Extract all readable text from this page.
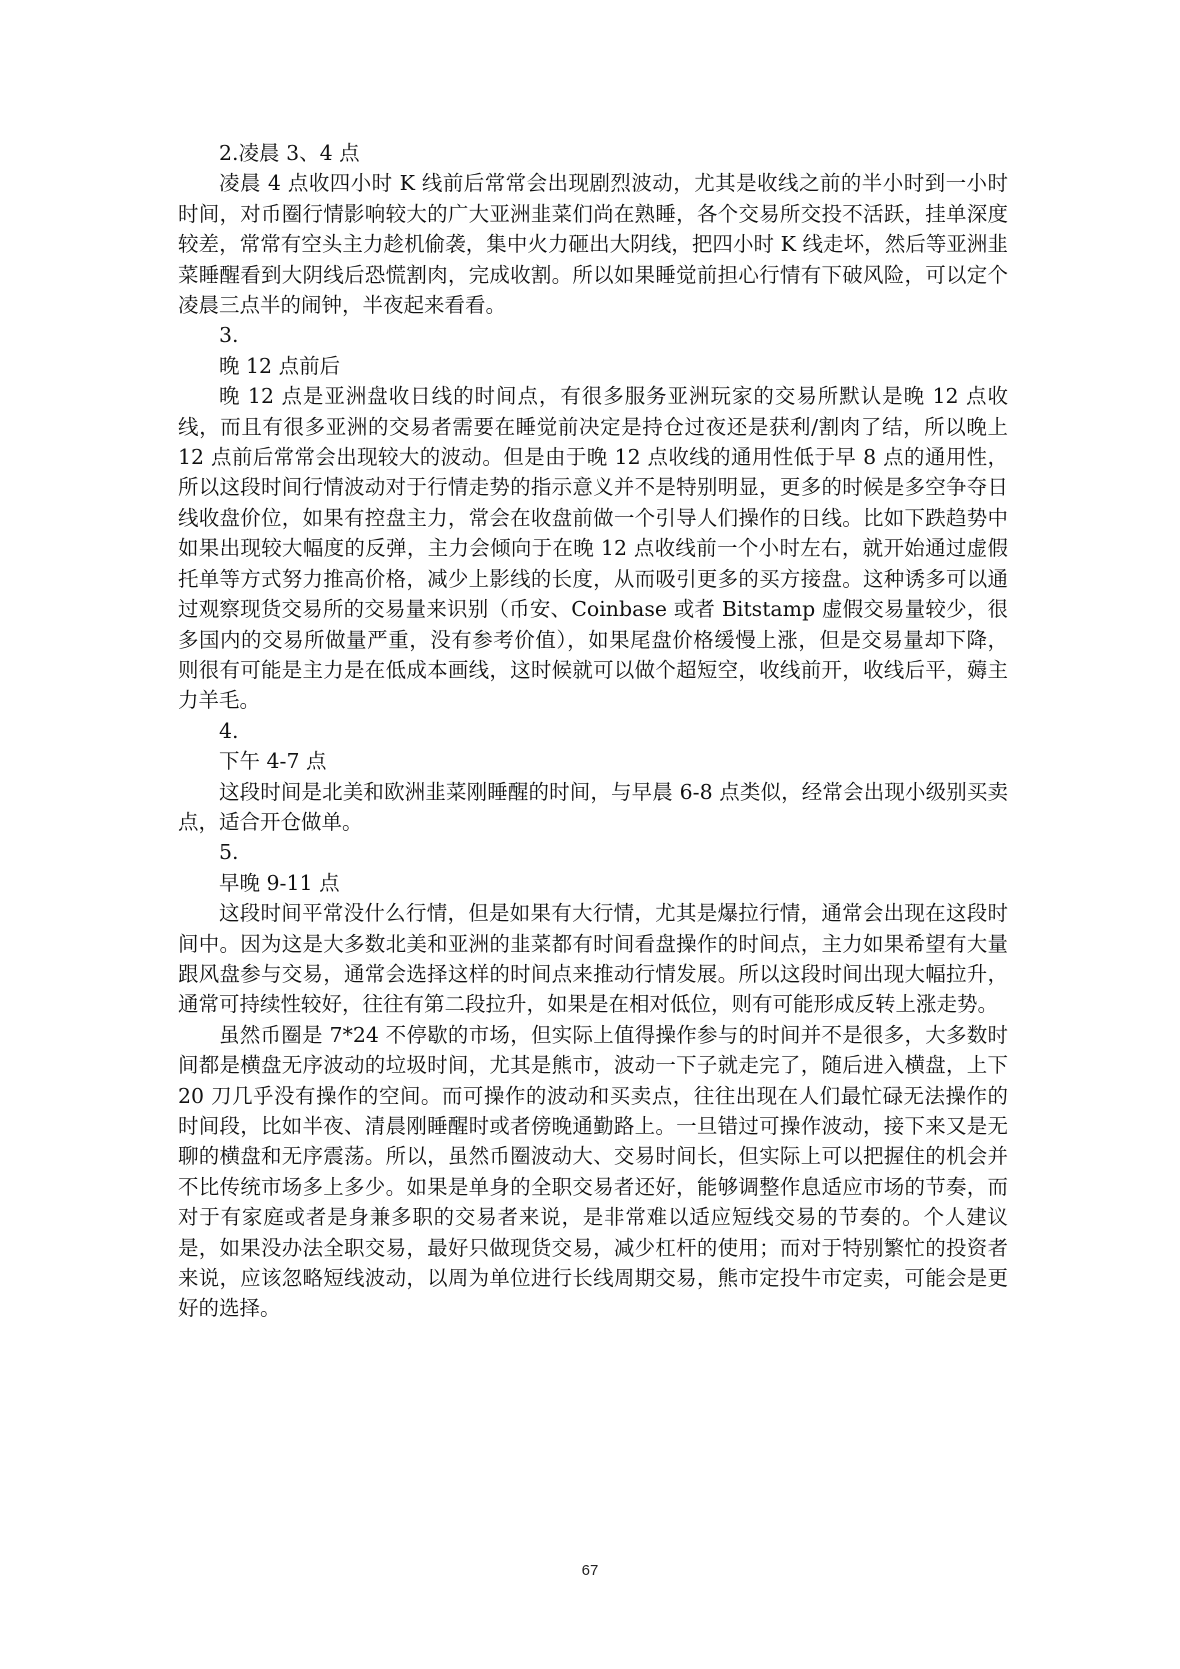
2.凌晨 3、4 点

凌晨 4 点收四小时 K 线前后常常会出现剧烈波动，尤其是收线之前的半小时到一小时时间，对币圈行情影响较大的广大亚洲韭菜们尚在熟睡，各个交易所交投不活跃，挂单深度较差，常常有空头主力趁机偷袭，集中火力砸出大阴线，把四小时 K 线走坏，然后等亚洲韭菜睡醒看到大阴线后恐慌割肉，完成收割。所以如果睡觉前担心行情有下破风险，可以定个凌晨三点半的闹钟，半夜起来看看。

3.

晚 12 点前后

晚 12 点是亚洲盘收日线的时间点，有很多服务亚洲玩家的交易所默认是晚 12 点收线，而且有很多亚洲的交易者需要在睡觉前决定是持仓过夜还是获利/割肉了结，所以晚上 12 点前后常常会出现较大的波动。但是由于晚 12 点收线的通用性低于早 8 点的通用性，所以这段时间行情波动对于行情走势的指示意义并不是特别明显，更多的时候是多空争夺日线收盘价位，如果有控盘主力，常会在收盘前做一个引导人们操作的日线。比如下跌趋势中如果出现较大幅度的反弹，主力会倾向于在晚 12 点收线前一个小时左右，就开始通过虚假托单等方式努力推高价格，减少上影线的长度，从而吸引更多的买方接盘。这种诱多可以通过观察现货交易所的交易量来识别（币安、Coinbase 或者 Bitstamp 虚假交易量较少，很多国内的交易所做量严重，没有参考价值），如果尾盘价格缓慢上涨，但是交易量却下降，则很有可能是主力是在低成本画线，这时候就可以做个超短空，收线前开，收线后平，薅主力羊毛。

4.

下午 4-7 点

这段时间是北美和欧洲韭菜刚睡醒的时间，与早晨 6-8 点类似，经常会出现小级别买卖点，适合开仓做单。

5.

早晚 9-11 点

这段时间平常没什么行情，但是如果有大行情，尤其是爆拉行情，通常会出现在这段时间中。因为这是大多数北美和亚洲的韭菜都有时间看盘操作的时间点，主力如果希望有大量跟风盘参与交易，通常会选择这样的时间点来推动行情发展。所以这段时间出现大幅拉升，通常可持续性较好，往往有第二段拉升，如果是在相对低位，则有可能形成反转上涨走势。

虽然币圈是 7*24 不停歇的市场，但实际上值得操作参与的时间并不是很多，大多数时间都是横盘无序波动的垃圾时间，尤其是熊市，波动一下子就走完了，随后进入横盘，上下 20 刀几乎没有操作的空间。而可操作的波动和买卖点，往往出现在人们最忙碌无法操作的时间段，比如半夜、清晨刚睡醒时或者傍晚通勤路上。一旦错过可操作波动，接下来又是无聊的横盘和无序震荡。所以，虽然币圈波动大、交易时间长，但实际上可以把握住的机会并不比传统市场多上多少。如果是单身的全职交易者还好，能够调整作息适应市场的节奏，而对于有家庭或者是身兼多职的交易者来说，是非常难以适应短线交易的节奏的。个人建议是，如果没办法全职交易，最好只做现货交易，减少杠杆的使用；而对于特别繁忙的投资者来说，应该忽略短线波动，以周为单位进行长线周期交易，熊市定投牛市定卖，可能会是更好的选择。

67
